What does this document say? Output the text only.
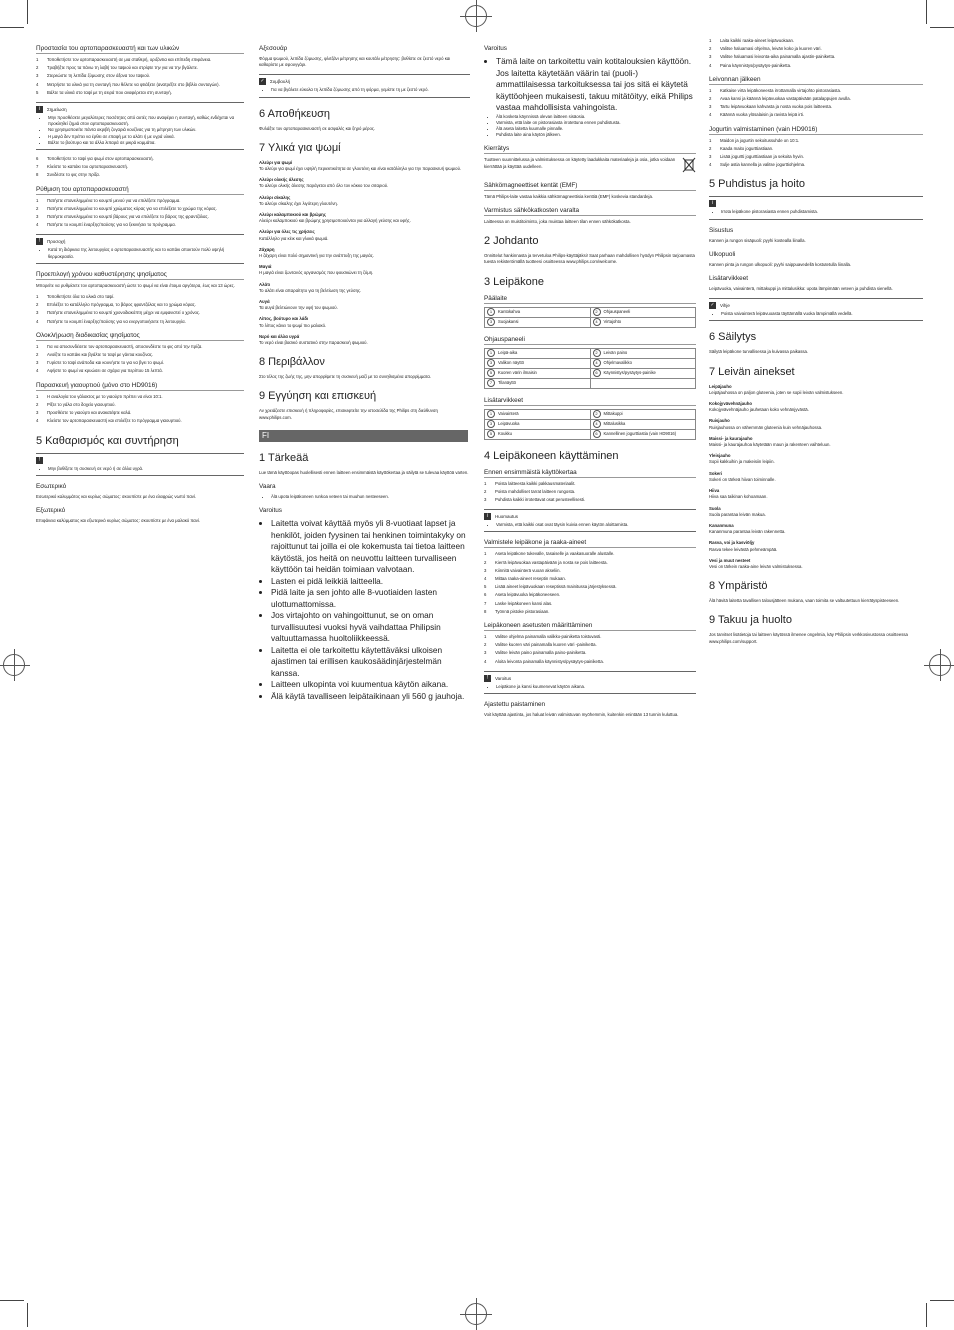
Προστασία του αρτοπαρασκευαστή και των υλικών
1 Τοποθετήστε τον αρτοπαρασκευαστή σε μια σταθερή, οριζόντια και επίπεδη επιφάνεια.
2 Τραβήξτε προς τα πάνω τη λαβή του ταψιού και στρίψτε την για να την βγάλετε.
3 Στερεώστε τη λεπίδα ζύμωσης στον άξονα του ταψιού.
4 Μετρήστε τα υλικά για τη συνταγή που θέλετε να φτιάξετε (ανατρέξτε στο βιβλίο συνταγών).
5 Βάλτε τα υλικά στο ταψί με τη σειρά που αναφέρεται στη συνταγή.
i	Σημείωση
• Μην προσθέσετε μεγαλύτερες ποσότητες από αυτές που αναφέρει η συνταγή, καθώς ενδέχεται να προκληθεί ζημιά στον αρτοπαρασκευαστή.
• Να χρησιμοποιείτε πάντα ακριβή ζυγαριά κουζίνας για τη μέτρηση των υλικών.
• Η μαγιά δεν πρέπει να έρθει σε επαφή με το αλάτι ή με υγρά υλικά.
• Βάλτε το βούτυρο και τα άλλα λιπαρά σε μικρά κομμάτια.
6 Τοποθετήστε το ταψί για ψωμί στον αρτοπαρασκευαστή.
7 Κλείστε το καπάκι του αρτοπαρασκευαστή.
8 Συνδέστε το φις στην πρίζα.
Ρύθμιση του αρτοπαρασκευαστή
1 Πατήστε επανειλημμένα το κουμπί μενού για να επιλέξετε πρόγραμμα.
2 Πατήστε επανειλημμένα το κουμπί χρώματος κόρας για να επιλέξετε το χρώμα της κόρας.
3 Πατήστε επανειλημμένα το κουμπί βάρους για να επιλέξετε το βάρος της φραντζόλας.
4 Πατήστε το κουμπί έναρξης/παύσης για να ξεκινήσει το πρόγραμμα.
!	Προσοχή
• Κατά τη διάρκεια της λειτουργίας ο αρτοπαρασκευαστής και το καπάκι αποκτούν πολύ υψηλή θερμοκρασία.
Προεπιλογή χρόνου καθυστέρησης ψησίματος

Μπορείτε να ρυθμίσετε τον αρτοπαρασκευαστή ώστε το ψωμί να είναι έτοιμο αργότερα, έως και 13 ώρες.

1 Τοποθετήστε όλα τα υλικά στο ταψί.
2 Επιλέξτε το κατάλληλο πρόγραμμα, το βάρος φραντζόλας και το χρώμα κόρας.
3 Πατήστε επανειλημμένα το κουμπί χρονοδιακόπτη μέχρι να εμφανιστεί ο χρόνος.
4 Πατήστε το κουμπί έναρξης/παύσης για να ενεργοποιήσετε τη λειτουργία.
Ολοκλήρωση διαδικασίας ψησίματος
1 Για να αποσυνδέσετε τον αρτοπαρασκευαστή, αποσυνδέστε το φις από την πρίζα.
2 Ανοίξτε το καπάκι και βγάλτε το ταψί με γάντια κουζίνας.
3 Γυρίστε το ταψί ανάποδα και κουνήστε το για να βγει το ψωμί.
4 Αφήστε το ψωμί να κρυώσει σε σχάρα για περίπου 15 λεπτά.
Παρασκευή γιαουρτιού (μόνο στο HD9016)
1 Η αναλογία του γάλακτος με το γιαούρτι πρέπει να είναι 10:1.
2 Ρίξτε το γάλα στο δοχείο γιαουρτιού.
3 Προσθέστε το γιαούρτι και ανακατέψτε καλά.
4 Κλείστε τον αρτοπαρασκευαστή και επιλέξτε το πρόγραμμα γιαουρτιού.
5 Καθαρισμός και συντήρηση
!
• Μην βυθίζετε τη συσκευή σε νερό ή σε άλλα υγρά.
Εσωτερικό

Εσωτερικό καλυμμάτος και κυρίως σώματος: σκουπίστε με ένα ελαφρώς νωπό πανί.

Εξωτερικό

Επιφάνεια καλύμματος και εξωτερικό κυρίως σώματος: σκουπίστε με ένα μαλακό πανί.

Αξεσουάρ

Φόρμα ψωμιού, λεπίδα ζύμωσης, φλιτζάνι μέτρησης και κουτάλι μέτρησης: βυθίστε σε ζεστό νερό και καθαρίστε με σφουγγάρι.

✓	Συμβουλή
• Για να βγάλετε εύκολα τη λεπίδα ζύμωσης από τη φόρμα, γεμίστε τη με ζεστό νερό.
6 Αποθήκευση

Φυλάξτε τον αρτοπαρασκευαστή σε ασφαλές και ξηρό μέρος.

7 Υλικά για ψωμί

Αλεύρι για ψωμί
Το αλεύρι για ψωμί έχει υψηλή περιεκτικότητα σε γλουτένη και είναι κατάλληλο για την παρασκευή ψωμιού.

Αλεύρι ολικής άλεσης
Το αλεύρι ολικής άλεσης παράγεται από όλο τον κόκκο του σιταριού.

Αλεύρι σίκαλης
Το αλεύρι σίκαλης έχει λιγότερη γλουτένη.

Αλεύρι καλαμποκιού και βρώμης
Αλεύρι καλαμποκιού και βρώμης χρησιμοποιούνται για αλλαγή γεύσης και υφής.

Αλεύρι για όλες τις χρήσεις
Κατάλληλο για κέικ και γλυκά ψωμιά.

Ζάχαρη
Η ζάχαρη είναι πολύ σημαντική για την ανάπτυξη της μαγιάς.

Μαγιά
Η μαγιά είναι ζωντανός οργανισμός που φουσκώνει τη ζύμη.

Αλάτι
Το αλάτι είναι απαραίτητο για τη βελτίωση της γεύσης.

Αυγά
Τα αυγά βελτιώνουν την υφή του ψωμιού.

Λίπος, βούτυρο και λάδι
Το λίπος κάνει το ψωμί πιο μαλακό.

Νερό και άλλα υγρά
Το νερό είναι βασικό συστατικό στην παρασκευή ψωμιού.

8 Περιβάλλον

Στο τέλος της ζωής της, μην απορρίψετε τη συσκευή μαζί με τα συνηθισμένα απορρίμματα.

9 Εγγύηση και επισκευή

Αν χρειάζεστε επισκευή ή πληροφορίες, επισκεφτείτε την ιστοσελίδα της Philips στη διεύθυνση www.philips.com.

FI
1 Tärkeää

Lue tämä käyttöopas huolellisesti ennen laitteen ensimmäistä käyttökertaa ja säilytä se tulevaa käyttöä varten.

Vaara
• Älä upota leipäkoneen runkoa veteen tai muuhun nesteeseen.
Varoitus
• Laitetta voivat käyttää myös yli 8-vuotiaat lapset ja henkilöt, joiden fyysinen tai henkinen toimintakyky on rajoittunut tai joilla ei ole kokemusta tai tietoa laitteen käytöstä, jos heitä on neuvottu laitteen turvalliseen käyttöön tai heidän toimiaan valvotaan.
• Lasten ei pidä leikkiä laitteella.
• Pidä laite ja sen johto alle 8-vuotiaiden lasten ulottumattomissa.
• Jos virtajohto on vahingoittunut, se on oman turvallisuutesi vuoksi hyvä vaihdattaa Philipsin valtuuttamassa huoltoliikkeessä.
• Laitetta ei ole tarkoitettu käytettäväksi ulkoisen ajastimen tai erillisen kaukosäädinjärjestelmän kanssa.
• Laitteen ulkopinta voi kuumentua käytön aikana.
• Älä käytä tavalliseen leipätaikinaan yli 560 g jauhoja.
Varoitus
• Tämä laite on tarkoitettu vain kotitalouksien käyttöön. Jos laitetta käytetään väärin tai (puoli-) ammattilaisessa tarkoituksessa tai jos sitä ei käytetä käyttöohjeen mukaisesti, takuu mitätöityy, eikä Philips vastaa mahdollisista vahingoista.
• Älä kosketa käynnissä olevan laitteen sisäosia.
• Varmista, että laite on pistorasiasta irrotettuna ennen puhdistusta.
• Älä aseta laitetta kuumalle pinnalle.
• Puhdista laite aina käytön jälkeen.
Kierrätys

Tuotteen suunnittelussa ja valmistuksessa on käytetty laadukkaita materiaaleja ja osia, jotka voidaan kierrättää ja käyttää uudelleen.

Sähkömagneettiset kentät (EMF)

Tämä Philips-laite vastaa kaikkia sähkömagneettisia kenttiä (EMF) koskevia standardeja.

Varmistus sähkökatkosten varalta

Laitteessa on muistitoiminto, joka muistaa laitteen tilan ennen sähkökatkosta.

2 Johdanto

Onnittelut hankinnasta ja tervetuloa Philips-käyttäjäksi! Saat parhaan mahdollisen hyödyn Philipsin tarjoamasta tuesta rekisteröimällä tuotteesi osoitteessa www.philips.com/welcome.

3 Leipäkone
Päälaite
1 Kantokahva	2 Ohjauspaneeli
3 Suojakansi	4 Virtajohto
Ohjauspaneeli
1 Leipä-aika	2 Leivän paino
3 Valikon näyttö	4 Ohjelmavalikko
5 Kuoren värin ilmaisin	6 Käynnistys/pysäytys-painike
7 Tilanäyttö	
Lisätarvikkeet
1 Vaivainterä	2 Mittakuppi
3 Leipävuoka	4 Mittalusikka
5 Koukku	6 Kannellinen jogurttiastia (vain HD9016)
4 Leipäkoneen käyttäminen
Ennen ensimmäistä käyttökertaa
1 Poista laitteesta kaikki pakkausmateriaalit.
2 Poista mahdolliset tarrat laitteen rungosta.
3 Puhdista kaikki irrotettavat osat perusteellisesti.
i	Huomautus
• Varmista, että kaikki osat ovat täysin kuivia ennen käytön aloittamista.
Valmistele leipäkone ja raaka-aineet
1 Aseta leipäkone tukevalle, tasaiselle ja vaakasuoralle alustalle.
2 Kierrä leipävuokaa vastapäivään ja nosta se pois laitteesta.
3 Kiinnitä vaivainterä vuoan akseliin.
4 Mittaa raaka-aineet reseptin mukaan.
5 Lisää aineet leipävuokaan reseptissä mainitussa järjestyksessä.
6 Aseta leipävuoka leipäkoneeseen.
7 Laske leipäkoneen kansi alas.
8 Työnnä pistoke pistorasiaan.
Leipäkoneen asetusten määrittäminen
1 Valitse ohjelma painamalla valikko-painiketta toistuvasti.
2 Valitse kuoren väri painamalla kuoren väri -painiketta.
3 Valitse leivän paino painamalla paino-painiketta.
4 Aloita leivonta painamalla käynnistys/pysäytys-painiketta.
!	Varoitus
• Leipäkone ja kansi kuumenevat käytön aikana.
Ajastettu paistaminen

Voit käyttää ajastinta, jos haluat leivän valmistuvan myöhemmin, kuitenkin enintään 13 tunnin kuluttua.

1 Laita kaikki raaka-aineet leipävuokaan.
2 Valitse haluamasi ohjelma, leivän koko ja kuoren väri.
3 Valitse haluamasi leivonta-aika painamalla ajastin-painiketta.
4 Paina käynnistys/pysäytys-painiketta.
Leivonnan jälkeen
1 Katkaise virta leipäkoneesta irrottamalla virtajohto pistorasiasta.
2 Avaa kansi ja käännä leipävuokaa vastapäivään patalappujen avulla.
3 Tartu leipävuokaan kahvasta ja nosta vuoka pois laitteesta.
4 Käännä vuoka ylösalaisin ja ravista leipä irti.
Jogurtin valmistaminen (vain HD9016)
1 Maidon ja jogurtin sekoitussuhde on 10:1.
2 Kaada maito jogurttiastiaan.
3 Lisää jogurtti jogurttiastiaan ja sekoita hyvin.
4 Sulje astia kannella ja valitse jogurttiohjelma.
5 Puhdistus ja hoito
i
• Irrota leipäkone pistorasiasta ennen puhdistamista.
Sisustus

Kannen ja rungon sisäpuoli: pyyhi kostealla liinalla.

Ulkopuoli

Kannen pinta ja rungon ulkopuoli: pyyhi saippuavedellä kostutetulla liinalla.

Lisätarvikkeet

Leipävuoka, vaivainterä, mittakuppi ja mittalusikka: upota lämpimään veteen ja puhdista sienellä.

✓	Vihje
• Poista vaivainterä leipävuoasta täyttämällä vuoka lämpimällä vedellä.
6 Säilytys

Säilytä leipäkone turvallisessa ja kuivassa paikassa.

7 Leivän ainekset

Leipäjauho
Leipäjauhossa on paljon gluteenia, joten se sopii leivän valmistukseen.

Kokojyvävehnäjauho
Kokojyvävehnäjauho jauhetaan koko vehnänjyvästä.

Ruisjauho
Ruisjauhossa on vähemmän gluteenia kuin vehnäjauhossa.

Maissi- ja kaurajauho
Maissi- ja kaurajauhoa käytetään maun ja rakenteen vaihteluun.

Yleisjauho
Sopii kakkuihin ja makeisiin leipiin.

Sokeri
Sokeri on tärkeä hiivan toiminnalle.

Hiiva
Hiiva saa taikinan kohoamaan.

Suola
Suola parantaa leivän makua.

Kananmuna
Kananmuna parantaa leivän rakennetta.

Rasva, voi ja kasviöljy
Rasva tekee leivästä pehmeämpää.

Vesi ja muut nesteet
Vesi on tärkein raaka-aine leivän valmistuksessa.

8 Ympäristö

Älä hävitä laitetta tavallisen talousjätteen mukana, vaan toimita se valtuutettuun kierrätyspisteeseen.

9 Takuu ja huolto

Jos tarvitset lisätietoja tai laitteen käytössä ilmenee ongelmia, käy Philipsin verkkosivustossa osoitteessa www.philips.com/support.
